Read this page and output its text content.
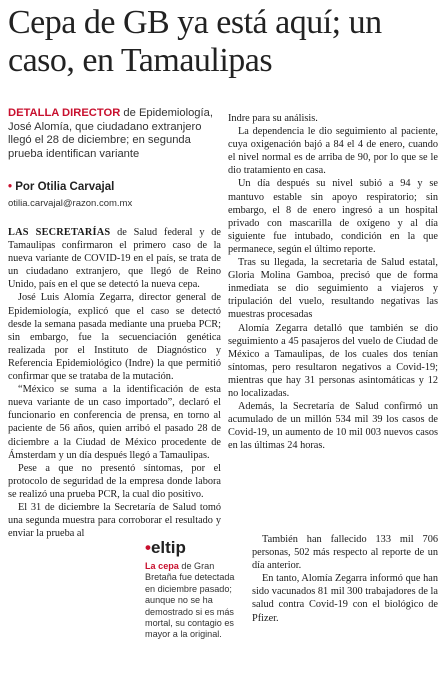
Cepa de GB ya está aquí; un caso, en Tamaulipas

DETALLA DIRECTOR de Epidemiología, José Alomía, que ciudadano extranjero llegó el 28 de diciembre; en segunda prueba identifican variante

• Por Otilia Carvajal
otilia.carvajal@razon.com.mx

LAS SECRETARÍAS de Salud federal y de Tamaulipas confirmaron el primero caso de la nueva variante de COVID-19 en el país, se trata de un ciudadano extranjero, que llegó de Reino Unido, país en el que se detectó la nueva cepa.

José Luis Alomía Zegarra, director general de Epidemiología, explicó que el caso se detectó desde la semana pasada mediante una prueba PCR; sin embargo, fue la secuenciación genética realizada por el Instituto de Diagnóstico y Referencia Epidemiológico (Indre) la que permitió confirmar que se trataba de la mutación.

“México se suma a la identificación de esta nueva variante de un caso importado”, declaró el funcionario en conferencia de prensa, en torno al paciente de 56 años, quien arribó el pasado 28 de diciembre a la Ciudad de México procedente de Ámsterdam y un día después llegó a Tamaulipas.

Pese a que no presentó síntomas, por el protocolo de seguridad de la empresa donde labora se realizó una prueba PCR, la cual dio positivo.

El 31 de diciembre la Secretaría de Salud tomó una segunda muestra para corroborar el resultado y enviar la prueba al

Indre para su análisis.

La dependencia le dio seguimiento al paciente, cuya oxigenación bajó a 84 el 4 de enero, cuando el nivel normal es de arriba de 90, por lo que se le dio tratamiento en casa.

Un día después su nivel subió a 94 y se mantuvo estable sin apoyo respiratorio; sin embargo, el 8 de enero ingresó a un hospital privado con mascarilla de oxígeno y al día siguiente fue intubado, condición en la que permanece, según el último reporte.

Tras su llegada, la secretaria de Salud estatal, Gloria Molina Gamboa, precisó que de forma inmediata se dio seguimiento a viajeros y tripulación del vuelo, resultando negativas las muestras procesadas

Alomía Zegarra detalló que también se dio seguimiento a 45 pasajeros del vuelo de Ciudad de México a Tamaulipas, de los cuales dos tenían síntomas, pero resultaron negativos a Covid-19; mientras que hay 31 personas asintomáticas y 12 no localizadas.

Además, la Secretaría de Salud confirmó un acumulado de un millón 534 mil 39 los casos de Covid-19, un aumento de 10 mil 003 nuevos casos en las últimas 24 horas.

•eltip
La cepa de Gran Bretaña fue detectada en diciembre pasado; aunque no se ha demostrado si es más mortal, su contagio es mayor a la original.

También han fallecido 133 mil 706 personas, 502 más respecto al reporte de un día anterior.

En tanto, Alomía Zegarra informó que han sido vacunados 81 mil 300 trabajadores de la salud contra Covid-19 con el biológico de Pfizer.
